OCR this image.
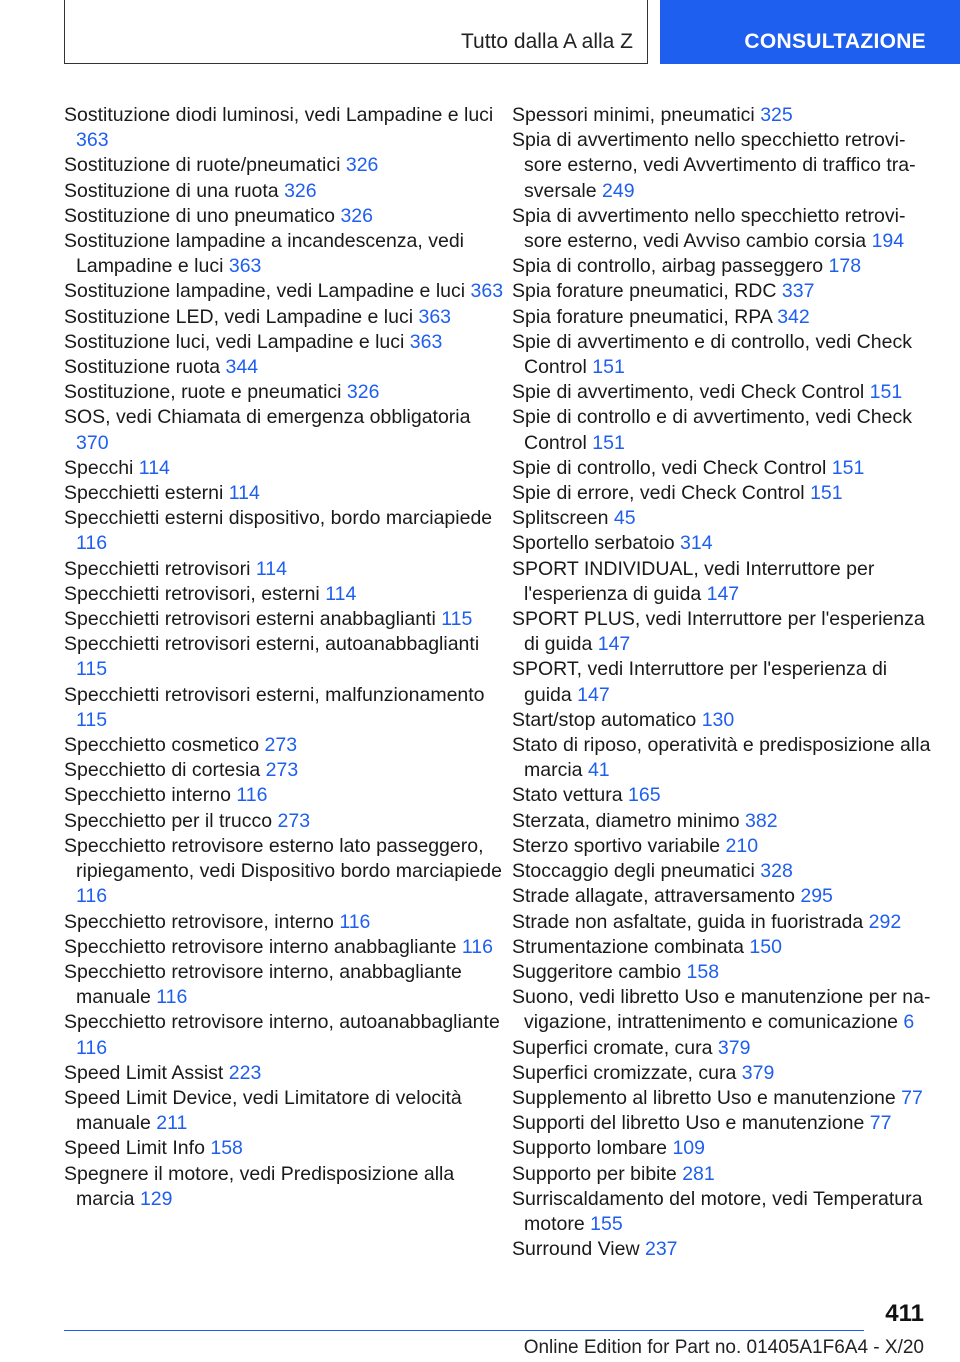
Tutto dalla A alla Z	CONSULTAZIONE
Sostituzione diodi luminosi, vedi Lampadine e luci 363
Sostituzione di ruote/pneumatici 326
Sostituzione di una ruota 326
Sostituzione di uno pneumatico 326
Sostituzione lampadine a incandescenza, vedi Lampadine e luci 363
Sostituzione lampadine, vedi Lampadine e luci 363
Sostituzione LED, vedi Lampadine e luci 363
Sostituzione luci, vedi Lampadine e luci 363
Sostituzione ruota 344
Sostituzione, ruote e pneumatici 326
SOS, vedi Chiamata di emergenza obbligatoria 370
Specchi 114
Specchietti esterni 114
Specchietti esterni dispositivo, bordo marciapiede 116
Specchietti retrovisori 114
Specchietti retrovisori, esterni 114
Specchietti retrovisori esterni anabbaglianti 115
Specchietti retrovisori esterni, autoanabbaglianti 115
Specchietti retrovisori esterni, malfunzionamento 115
Specchietto cosmetico 273
Specchietto di cortesia 273
Specchietto interno 116
Specchietto per il trucco 273
Specchietto retrovisore esterno lato passeggero, ripiegamento, vedi Dispositivo bordo marciapiede 116
Specchietto retrovisore, interno 116
Specchietto retrovisore interno anabbagliante 116
Specchietto retrovisore interno, anabbagliante manuale 116
Specchietto retrovisore interno, autoanabbagliante 116
Speed Limit Assist 223
Speed Limit Device, vedi Limitatore di velocità manuale 211
Speed Limit Info 158
Spegnere il motore, vedi Predisposizione alla marcia 129
Spessori minimi, pneumatici 325
Spia di avvertimento nello specchietto retrovisore esterno, vedi Avvertimento di traffico trasversale 249
Spia di avvertimento nello specchietto retrovisore esterno, vedi Avviso cambio corsia 194
Spia di controllo, airbag passeggero 178
Spia forature pneumatici, RDC 337
Spia forature pneumatici, RPA 342
Spie di avvertimento e di controllo, vedi Check Control 151
Spie di avvertimento, vedi Check Control 151
Spie di controllo e di avvertimento, vedi Check Control 151
Spie di controllo, vedi Check Control 151
Spie di errore, vedi Check Control 151
Splitscreen 45
Sportello serbatoio 314
SPORT INDIVIDUAL, vedi Interruttore per l'esperienza di guida 147
SPORT PLUS, vedi Interruttore per l'esperienza di guida 147
SPORT, vedi Interruttore per l'esperienza di guida 147
Start/stop automatico 130
Stato di riposo, operatività e predisposizione alla marcia 41
Stato vettura 165
Sterzata, diametro minimo 382
Sterzo sportivo variabile 210
Stoccaggio degli pneumatici 328
Strade allagate, attraversamento 295
Strade non asfaltate, guida in fuoristrada 292
Strumentazione combinata 150
Suggeritore cambio 158
Suono, vedi libretto Uso e manutenzione per navigazione, intrattenimento e comunicazione 6
Superfici cromate, cura 379
Superfici cromizzate, cura 379
Supplemento al libretto Uso e manutenzione 77
Supporti del libretto Uso e manutenzione 77
Supporto lombare 109
Supporto per bibite 281
Surriscaldamento del motore, vedi Temperatura motore 155
Surround View 237
411
Online Edition for Part no. 01405A1F6A4 - X/20
